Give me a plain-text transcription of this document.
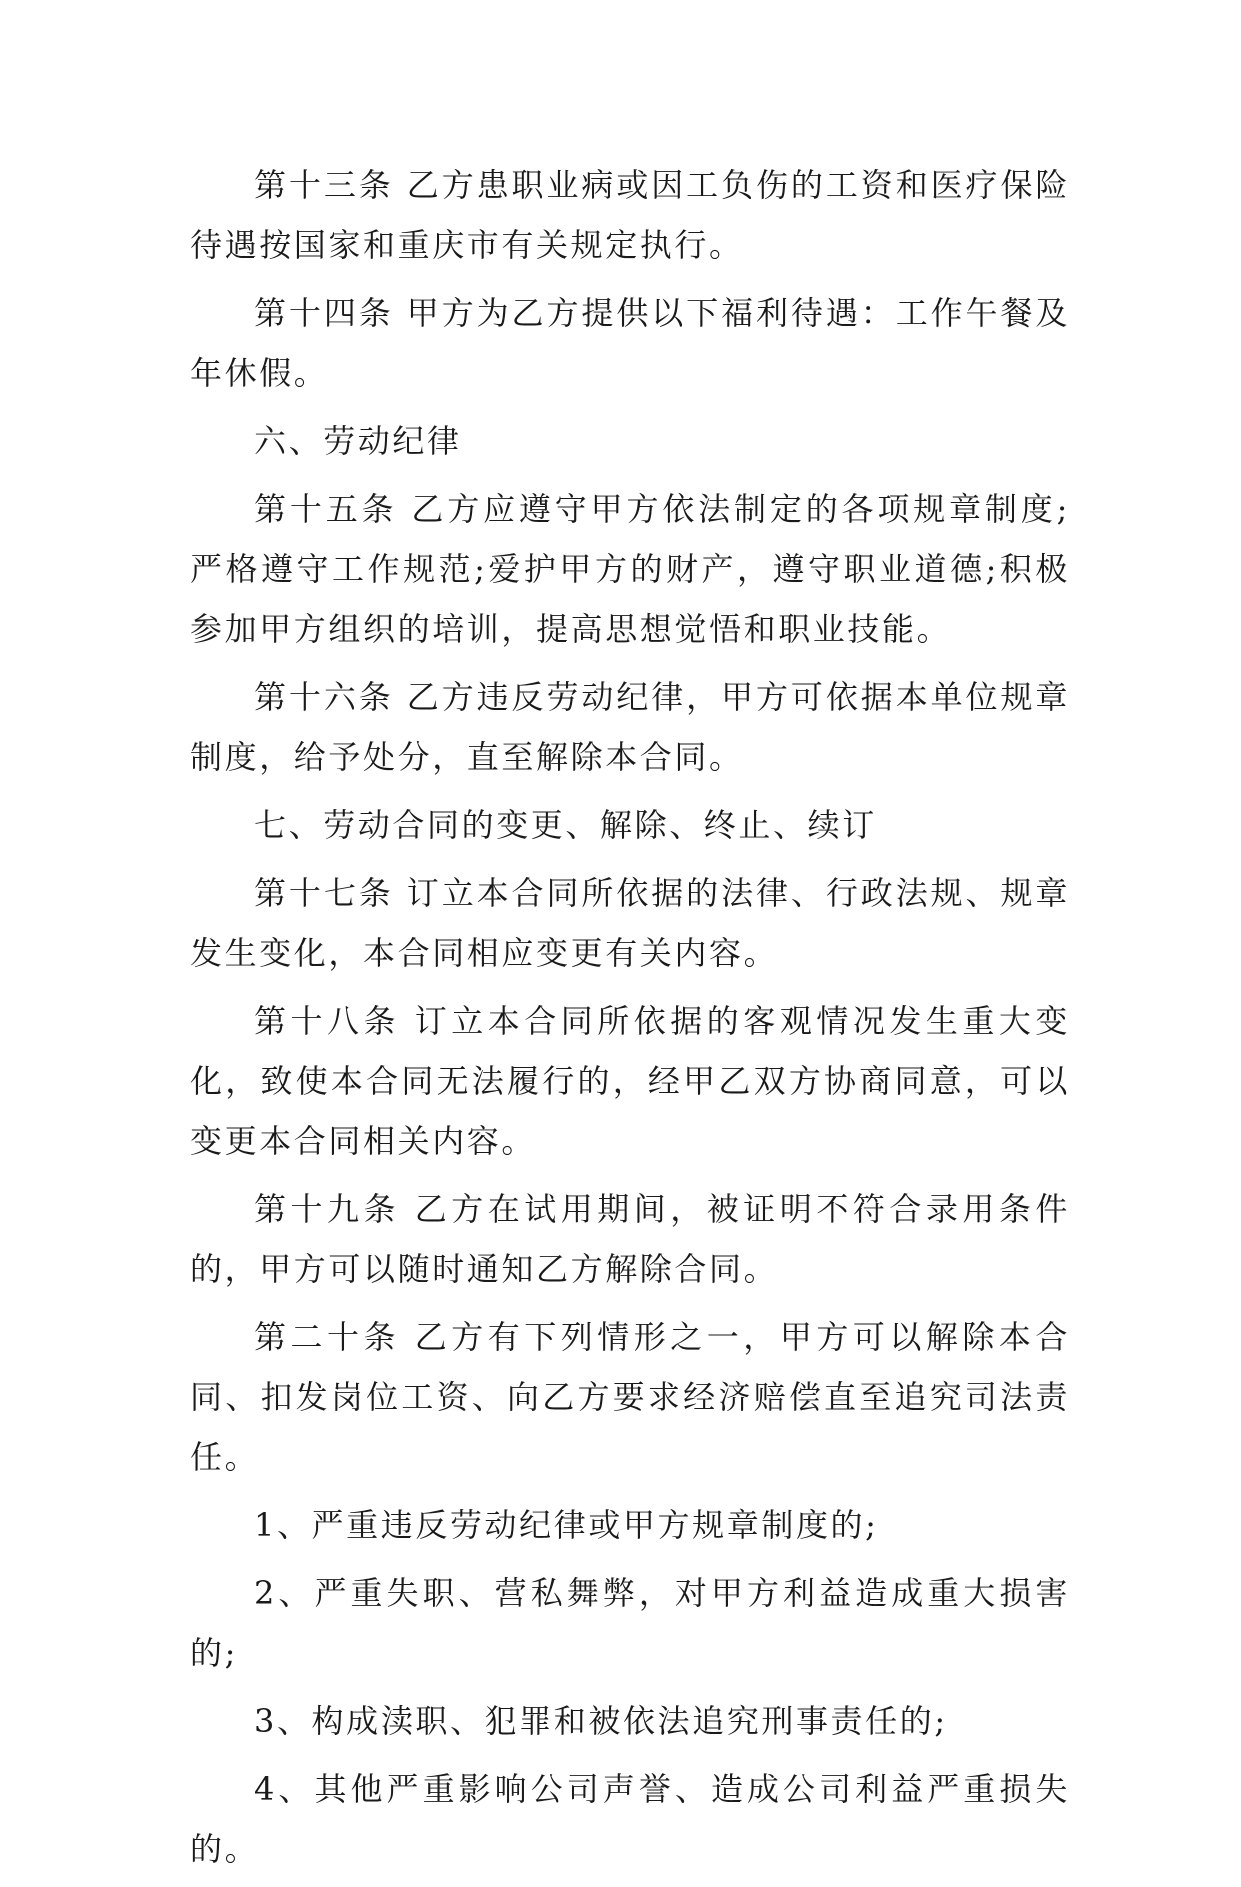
第十三条 乙方患职业病或因工负伤的工资和医疗保险待遇按国家和重庆市有关规定执行。

第十四条 甲方为乙方提供以下福利待遇：工作午餐及年休假。

六、劳动纪律

第十五条 乙方应遵守甲方依法制定的各项规章制度;严格遵守工作规范;爱护甲方的财产，遵守职业道德;积极参加甲方组织的培训，提高思想觉悟和职业技能。

第十六条 乙方违反劳动纪律，甲方可依据本单位规章制度，给予处分，直至解除本合同。

七、劳动合同的变更、解除、终止、续订

第十七条 订立本合同所依据的法律、行政法规、规章发生变化，本合同相应变更有关内容。

第十八条 订立本合同所依据的客观情况发生重大变化，致使本合同无法履行的，经甲乙双方协商同意，可以变更本合同相关内容。

第十九条 乙方在试用期间，被证明不符合录用条件的，甲方可以随时通知乙方解除合同。

第二十条 乙方有下列情形之一，甲方可以解除本合同、扣发岗位工资、向乙方要求经济赔偿直至追究司法责任。

1、严重违反劳动纪律或甲方规章制度的;

2、严重失职、营私舞弊，对甲方利益造成重大损害的;

3、构成渎职、犯罪和被依法追究刑事责任的;

4、其他严重影响公司声誉、造成公司利益严重损失的。
